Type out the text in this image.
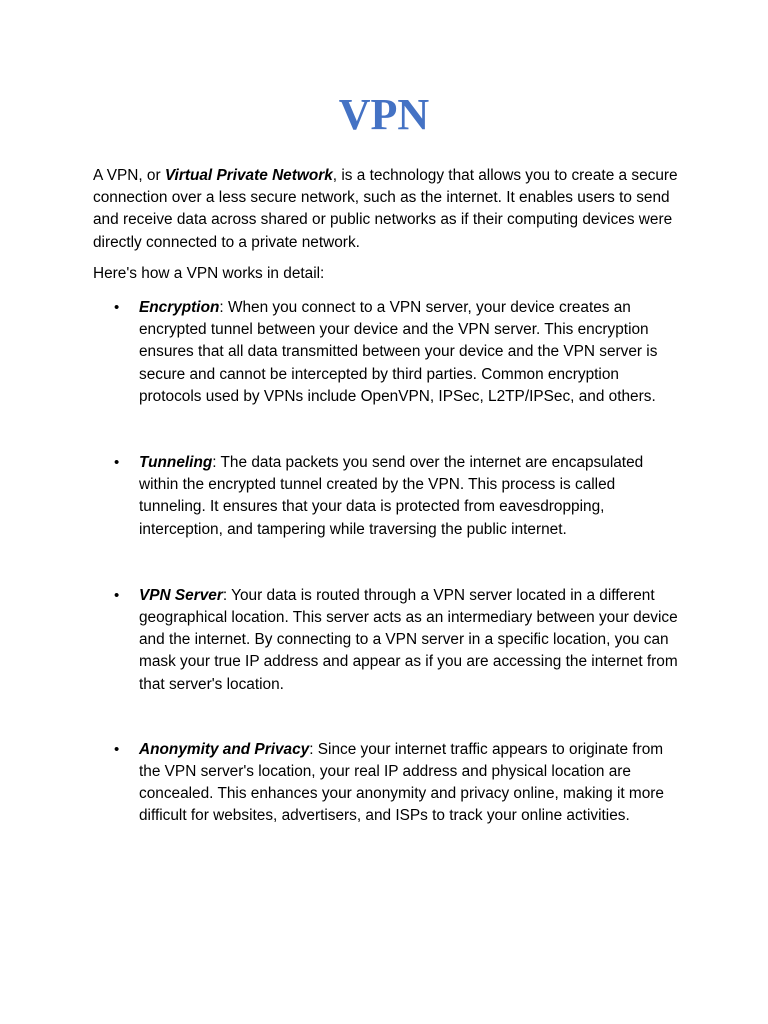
VPN

A VPN, or Virtual Private Network, is a technology that allows you to create a secure connection over a less secure network, such as the internet. It enables users to send and receive data across shared or public networks as if their computing devices were directly connected to a private network.

Here's how a VPN works in detail:

• Encryption: When you connect to a VPN server, your device creates an encrypted tunnel between your device and the VPN server. This encryption ensures that all data transmitted between your device and the VPN server is secure and cannot be intercepted by third parties. Common encryption protocols used by VPNs include OpenVPN, IPSec, L2TP/IPSec, and others.
• Tunneling: The data packets you send over the internet are encapsulated within the encrypted tunnel created by the VPN. This process is called tunneling. It ensures that your data is protected from eavesdropping, interception, and tampering while traversing the public internet.
• VPN Server: Your data is routed through a VPN server located in a different geographical location. This server acts as an intermediary between your device and the internet. By connecting to a VPN server in a specific location, you can mask your true IP address and appear as if you are accessing the internet from that server's location.
• Anonymity and Privacy: Since your internet traffic appears to originate from the VPN server's location, your real IP address and physical location are concealed. This enhances your anonymity and privacy online, making it more difficult for websites, advertisers, and ISPs to track your online activities.
